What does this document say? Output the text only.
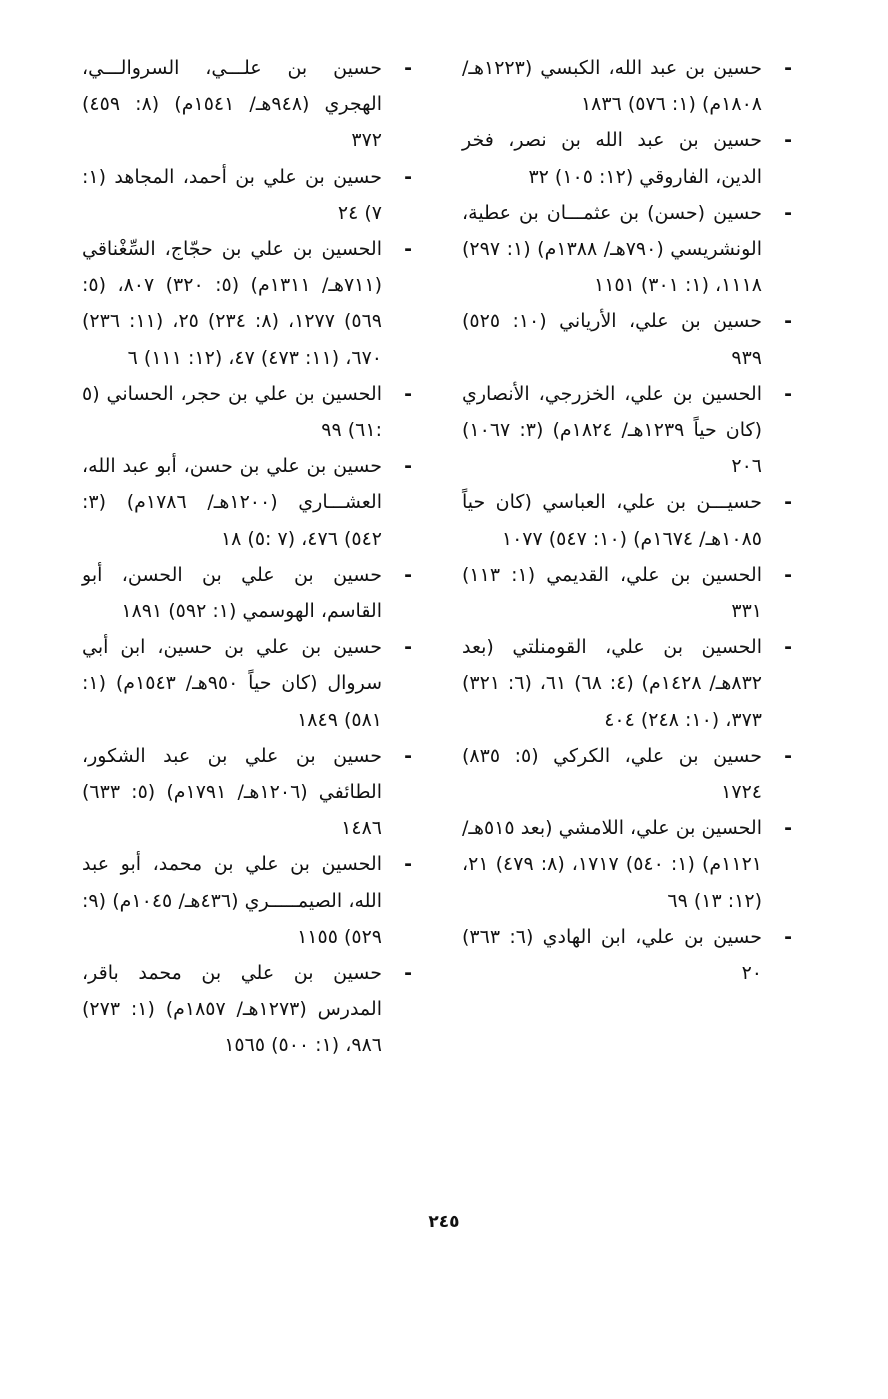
- حسين بن عبد الله، الكبسي (١٢٢٣هـ/ ١٨٠٨م) (١: ٥٧٦) ١٨٣٦

- حسين بن عبد الله بن نصر، فخر الدين، الفاروقي (١٢: ١٠٥) ٣٢

- حسين (حسن) بن عثمـــان بن عطية، الونشريسي (٧٩٠هـ/ ١٣٨٨م) (١: ٢٩٧) ١١١٨، (١: ٣٠١) ١١٥١

- حسين بن علي، الأرياني (١٠: ٥٢٥) ٩٣٩

- الحسين بن علي، الخزرجي، الأنصاري (كان حياً ١٢٣٩هـ/ ١٨٢٤م) (٣: ١٠٦٧) ٢٠٦

- حسيـــن بن علي، العباسي (كان حياً ١٠٨٥هـ/ ١٦٧٤م) (١٠: ٥٤٧) ١٠٧٧

- الحسين بن علي، القديمي (١: ١١٣) ٣٣١

- الحسين بن علي، القومنلتي (بعد ٨٣٢هـ/ ١٤٢٨م) (٤: ٦٨) ٦١، (٦: ٣٢١) ٣٧٣، (١٠: ٢٤٨) ٤٠٤

- حسين بن علي، الكركي (٥: ٨٣٥) ١٧٢٤

- الحسين بن علي، اللامشي (بعد ٥١٥هـ/ ١١٢١م) (١: ٥٤٠) ١٧١٧، (٨: ٤٧٩) ٢١، (١٢: ١٣) ٦٩

- حسين بن علي، ابن الهادي (٦: ٣٦٣) ٢٠

- حسين بن علـــي، السروالـــي، الهجري (٩٤٨هـ/ ١٥٤١م) (٨: ٤٥٩) ٣٧٢

- حسين بن علي بن أحمد، المجاهد (١: ٧) ٢٤

- الحسين بن علي بن حجّاج، السِّغْناقي (٧١١هـ/ ١٣١١م) (٥: ٣٢٠) ٨٠٧، (٥: ٥٦٩) ١٢٧٧، (٨: ٢٣٤) ٢٥، (١١: ٢٣٦) ٦٧٠، (١١: ٤٧٣) ٤٧، (١٢: ١١١) ٦

- الحسين بن علي بن حجر، الحساني (٥ :٦١) ٩٩

- حسين بن علي بن حسن، أبو عبد الله، العشـــاري (١٢٠٠هـ/ ١٧٨٦م) (٣: ٥٤٢) ٤٧٦، (٧ :٥) ١٨

- حسين بن علي بن الحسن، أبو القاسم، الهوسمي (١: ٥٩٢) ١٨٩١

- حسين بن علي بن حسين، ابن أبي سروال (كان حياً ٩٥٠هـ/ ١٥٤٣م) (١: ٥٨١) ١٨٤٩

- حسين بن علي بن عبد الشكور، الطائفي (١٢٠٦هـ/ ١٧٩١م) (٥: ٦٣٣) ١٤٨٦

- الحسين بن علي بن محمد، أبو عبد الله، الصيمـــــري (٤٣٦هـ/ ١٠٤٥م) (٩: ٥٢٩) ١١٥٥

- حسين بن علي بن محمد باقر، المدرس (١٢٧٣هـ/ ١٨٥٧م) (١: ٢٧٣) ٩٨٦، (١: ٥٠٠) ١٥٦٥

٢٤٥
